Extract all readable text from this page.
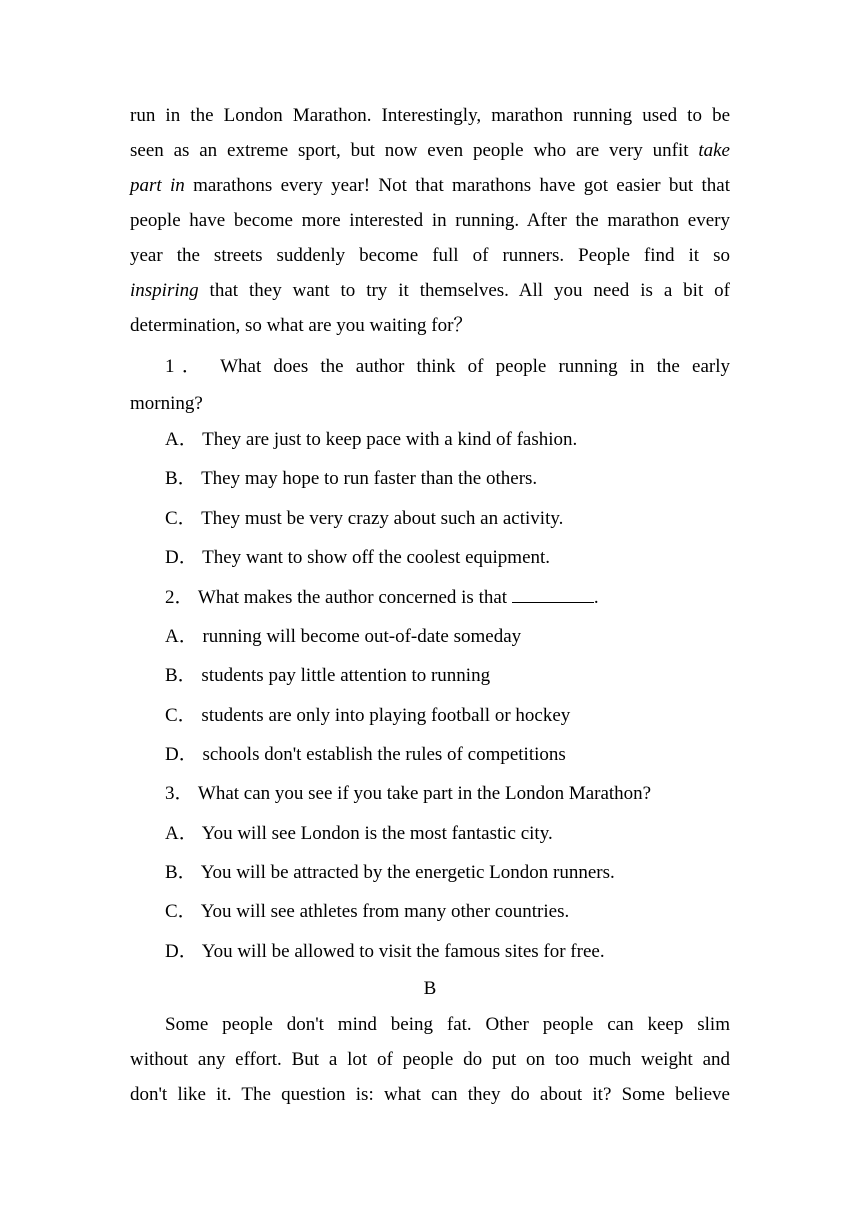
run in the London Marathon. Interestingly, marathon running used to be
seen as an extreme sport, but now even people who are very unfit take
part in marathons every year! Not that marathons have got easier but that
people have become more interested in running. After the marathon every
year the streets suddenly become full of runners. People find it so
inspiring that they want to try it themselves. All you need is a bit of
determination, so what are you waiting for？
1． What does the author think of people running in the early
morning?
A． They are just to keep pace with a kind of fashion.
B． They may hope to run faster than the others.
C． They must be very crazy about such an activity.
D． They want to show off the coolest equipment.
2． What makes the author concerned is that	.
A． running will become out-of-date someday
B． students pay little attention to running
C． students are only into playing football or hockey
D． schools don't establish the rules of competitions
3． What can you see if you take part in the London Marathon?
A． You will see London is the most fantastic city.
B． You will be attracted by the energetic London runners.
C． You will see athletes from many other countries.
D． You will be allowed to visit the famous sites for free.
B
Some people don't mind being fat. Other people can keep slim
without any effort. But a lot of people do put on too much weight and
don't like it. The question is: what can they do about it? Some believe
